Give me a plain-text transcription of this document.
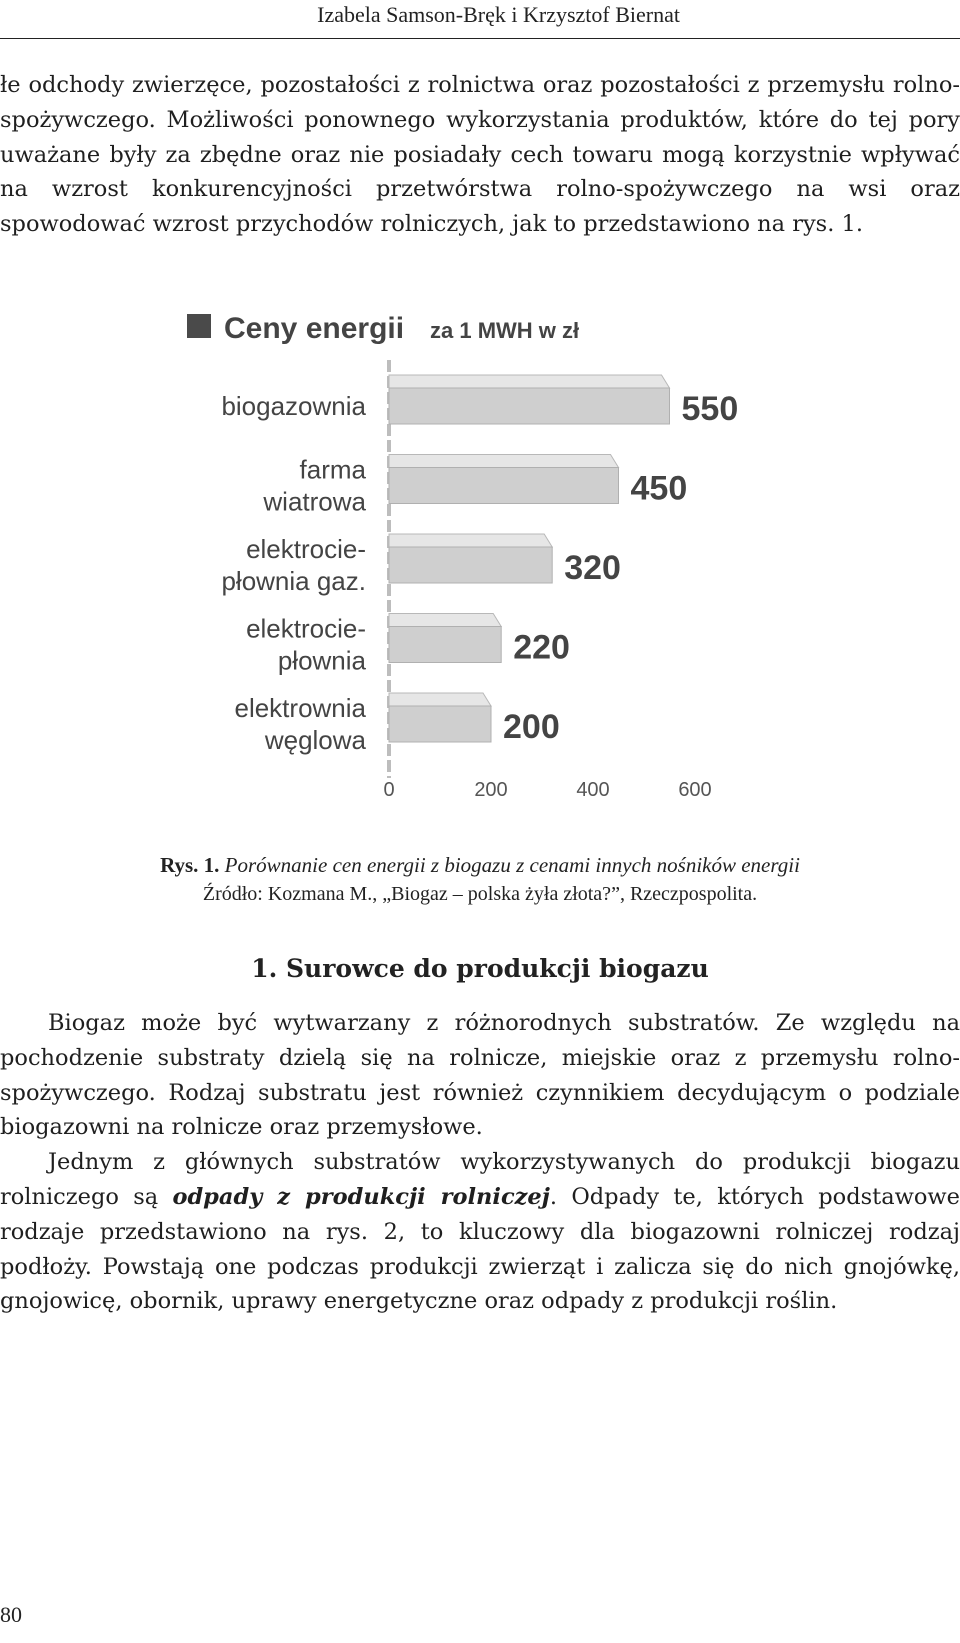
Izabela Samson-Bręk i Krzysztof Biernat

łe odchody zwierzęce, pozostałości z rolnictwa oraz pozostałości z przemysłu rolno-spożywczego. Możliwości ponownego wykorzystania produktów, które do tej pory uważane były za zbędne oraz nie posiadały cech towaru mogą korzystnie wpływać na wzrost konkurencyjności przetwórstwa rolno-spożywczego na wsi oraz spowodować wzrost przychodów rolniczych, jak to przedstawiono na rys. 1.

Ceny energii za 1 MWH w zł
550
biogazownia
450
farma
wiatrowa
320
elektrocie-
płownia gaz.
220
elektrocie-
płownia
200
elektrownia
węglowa
0	200	400	600
Rys. 1. Porównanie cen energii z biogazu z cenami innych nośników energii
Źródło: Kozmana M., „Biogaz – polska żyła złota?”, Rzeczpospolita.
1. Surowce do produkcji biogazu

Biogaz może być wytwarzany z różnorodnych substratów. Ze względu na pochodzenie substraty dzielą się na rolnicze, miejskie oraz z przemysłu rolno-spożywczego. Rodzaj substratu jest również czynnikiem decydującym o podziale biogazowni na rolnicze oraz przemysłowe.

Jednym z głównych substratów wykorzystywanych do produkcji biogazu rolniczego są odpady z produkcji rolniczej. Odpady te, których podstawowe rodzaje przedstawiono na rys. 2, to kluczowy dla biogazowni rolniczej rodzaj podłoży. Powstają one podczas produkcji zwierząt i zalicza się do nich gnojówkę, gnojowicę, obornik, uprawy energetyczne oraz odpady z produkcji roślin.

80
